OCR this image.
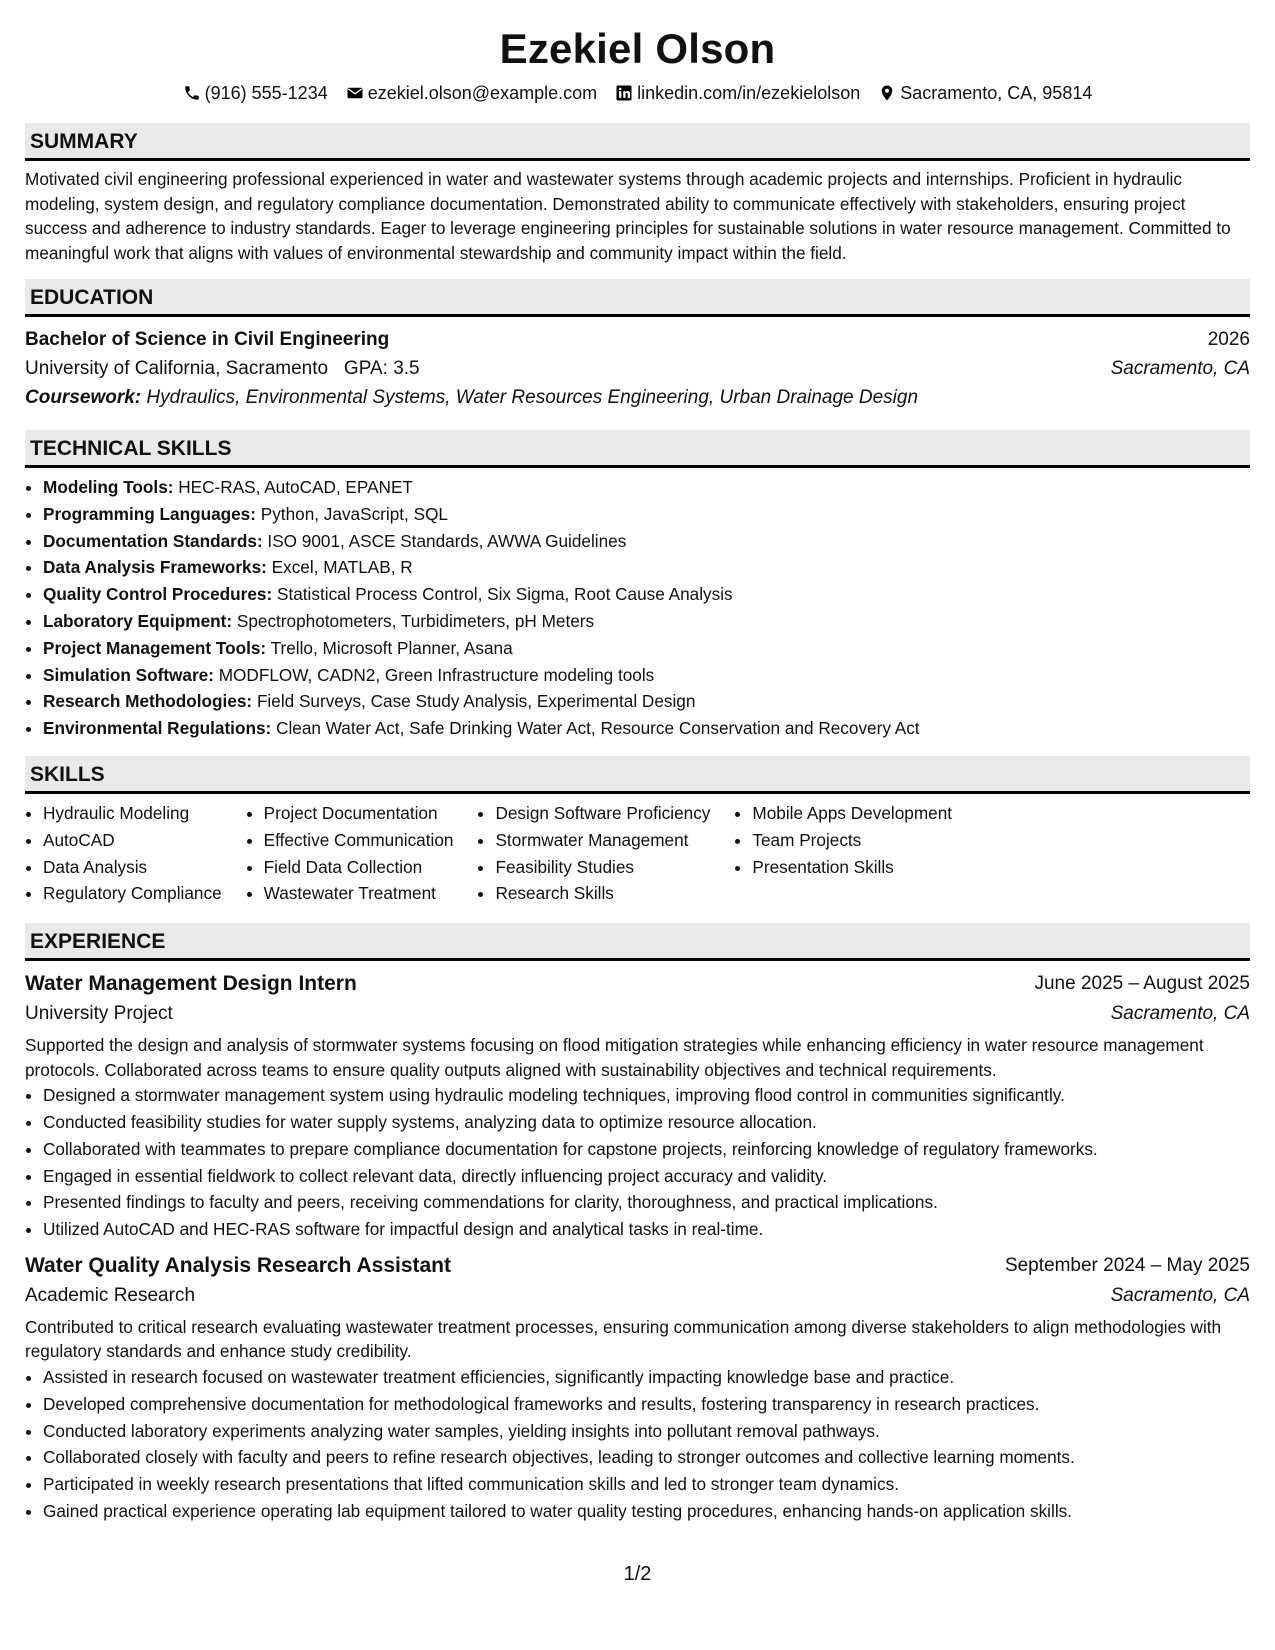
Ezekiel Olson
(916) 555-1234 ezekiel.olson@example.com linkedin.com/in/ezekielolson Sacramento, CA, 95814
SUMMARY

Motivated civil engineering professional experienced in water and wastewater systems through academic projects and internships. Proficient in hydraulic modeling, system design, and regulatory compliance documentation. Demonstrated ability to communicate effectively with stakeholders, ensuring project success and adherence to industry standards. Eager to leverage engineering principles for sustainable solutions in water resource management. Committed to meaningful work that aligns with values of environmental stewardship and community impact within the field.

EDUCATION
Bachelor of Science in Civil Engineering	2026
University of California, Sacramento GPA: 3.5	Sacramento, CA
Coursework: Hydraulics, Environmental Systems, Water Resources Engineering, Urban Drainage Design
TECHNICAL SKILLS
• Modeling Tools: HEC-RAS, AutoCAD, EPANET
• Programming Languages: Python, JavaScript, SQL
• Documentation Standards: ISO 9001, ASCE Standards, AWWA Guidelines
• Data Analysis Frameworks: Excel, MATLAB, R
• Quality Control Procedures: Statistical Process Control, Six Sigma, Root Cause Analysis
• Laboratory Equipment: Spectrophotometers, Turbidimeters, pH Meters
• Project Management Tools: Trello, Microsoft Planner, Asana
• Simulation Software: MODFLOW, CADN2, Green Infrastructure modeling tools
• Research Methodologies: Field Surveys, Case Study Analysis, Experimental Design
• Environmental Regulations: Clean Water Act, Safe Drinking Water Act, Resource Conservation and Recovery Act
SKILLS
• Hydraulic Modeling
• AutoCAD
• Data Analysis
• Regulatory Compliance
• Project Documentation
• Effective Communication
• Field Data Collection
• Wastewater Treatment
• Design Software Proficiency
• Stormwater Management
• Feasibility Studies
• Research Skills
• Mobile Apps Development
• Team Projects
• Presentation Skills
EXPERIENCE
Water Management Design Intern	June 2025 – August 2025
University Project	Sacramento, CA

Supported the design and analysis of stormwater systems focusing on flood mitigation strategies while enhancing efficiency in water resource management protocols. Collaborated across teams to ensure quality outputs aligned with sustainability objectives and technical requirements.

• Designed a stormwater management system using hydraulic modeling techniques, improving flood control in communities significantly.
• Conducted feasibility studies for water supply systems, analyzing data to optimize resource allocation.
• Collaborated with teammates to prepare compliance documentation for capstone projects, reinforcing knowledge of regulatory frameworks.
• Engaged in essential fieldwork to collect relevant data, directly influencing project accuracy and validity.
• Presented findings to faculty and peers, receiving commendations for clarity, thoroughness, and practical implications.
• Utilized AutoCAD and HEC-RAS software for impactful design and analytical tasks in real-time.
Water Quality Analysis Research Assistant	September 2024 – May 2025
Academic Research	Sacramento, CA

Contributed to critical research evaluating wastewater treatment processes, ensuring communication among diverse stakeholders to align methodologies with regulatory standards and enhance study credibility.

• Assisted in research focused on wastewater treatment efficiencies, significantly impacting knowledge base and practice.
• Developed comprehensive documentation for methodological frameworks and results, fostering transparency in research practices.
• Conducted laboratory experiments analyzing water samples, yielding insights into pollutant removal pathways.
• Collaborated closely with faculty and peers to refine research objectives, leading to stronger outcomes and collective learning moments.
• Participated in weekly research presentations that lifted communication skills and led to stronger team dynamics.
• Gained practical experience operating lab equipment tailored to water quality testing procedures, enhancing hands-on application skills.
1/2
